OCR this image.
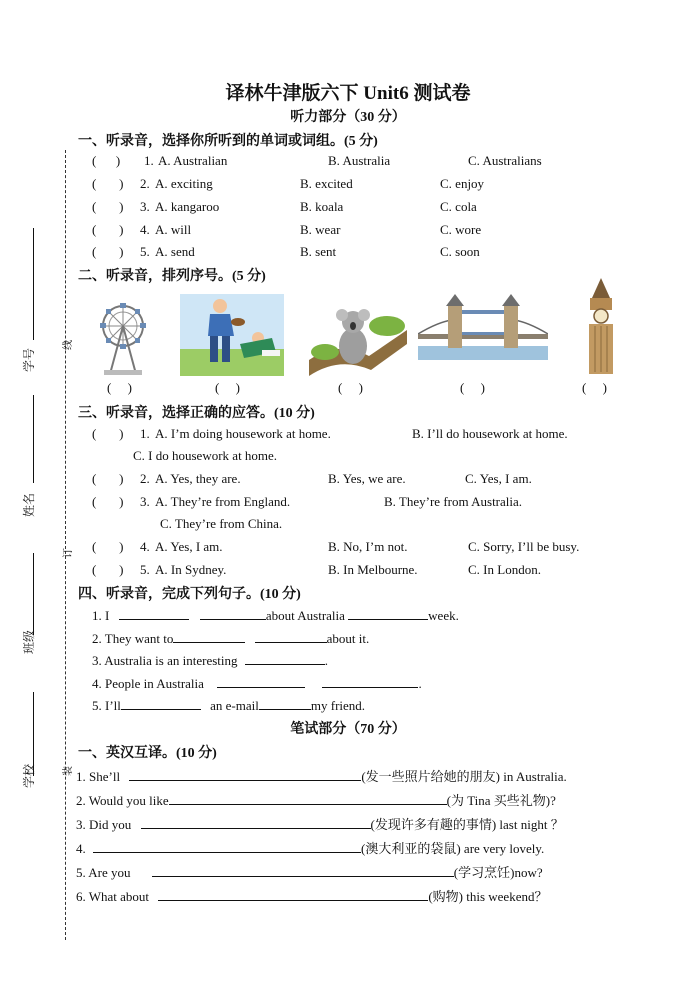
学号
姓名
班级
学校
线
订
装
译林牛津版六下 Unit6 测试卷
听力部分（30 分）
一、听录音，选择你所听到的单词或词组。(5 分)
(      ) 1. A. Australian	B. Australia	C. Australians
(       ) 2. A. exciting	B. excited	C. enjoy
(       ) 3. A. kangaroo	B. koala	C. cola
(       ) 4. A. will	B. wear	C. wore
(       ) 5. A. send	B. sent	C. soon
二、听录音，排列序号。(5 分)
(     )	(     )	(     )	(     )	(     )
三、听录音，选择正确的应答。(10 分)
(       ) 1. A. I’m doing housework at home.	B. I’ll do housework at home.
C. I do housework at home.
(       ) 2. A. Yes, they are.	B. Yes, we are.	C. Yes, I am.
(       ) 3. A. They’re from England.	B. They’re from Australia.
C. They’re from China.
(       ) 4. A. Yes, I am.	B. No, I’m not.	C. Sorry, I’ll be busy.
(       ) 5. A. In Sydney.	B. In Melbourne.	C. In London.
四、听录音，完成下列句子。(10 分)
1. I	about Australia	week.
2. They want to	about it.
3. Australia is an interesting	.
4. People in Australia	.
5. I’ll	an e-mail	my friend.
笔试部分（70 分）
一、英汉互译。(10 分)
1. She’ll	(发一些照片给她的朋友) in Australia.
2. Would you like	(为 Tina 买些礼物)?
3. Did you	(发现许多有趣的事情) last night ？
4.	(澳大利亚的袋鼠) are very lovely.
5. Are you	(学习烹饪)now?
6. What about	(购物) this weekend？
